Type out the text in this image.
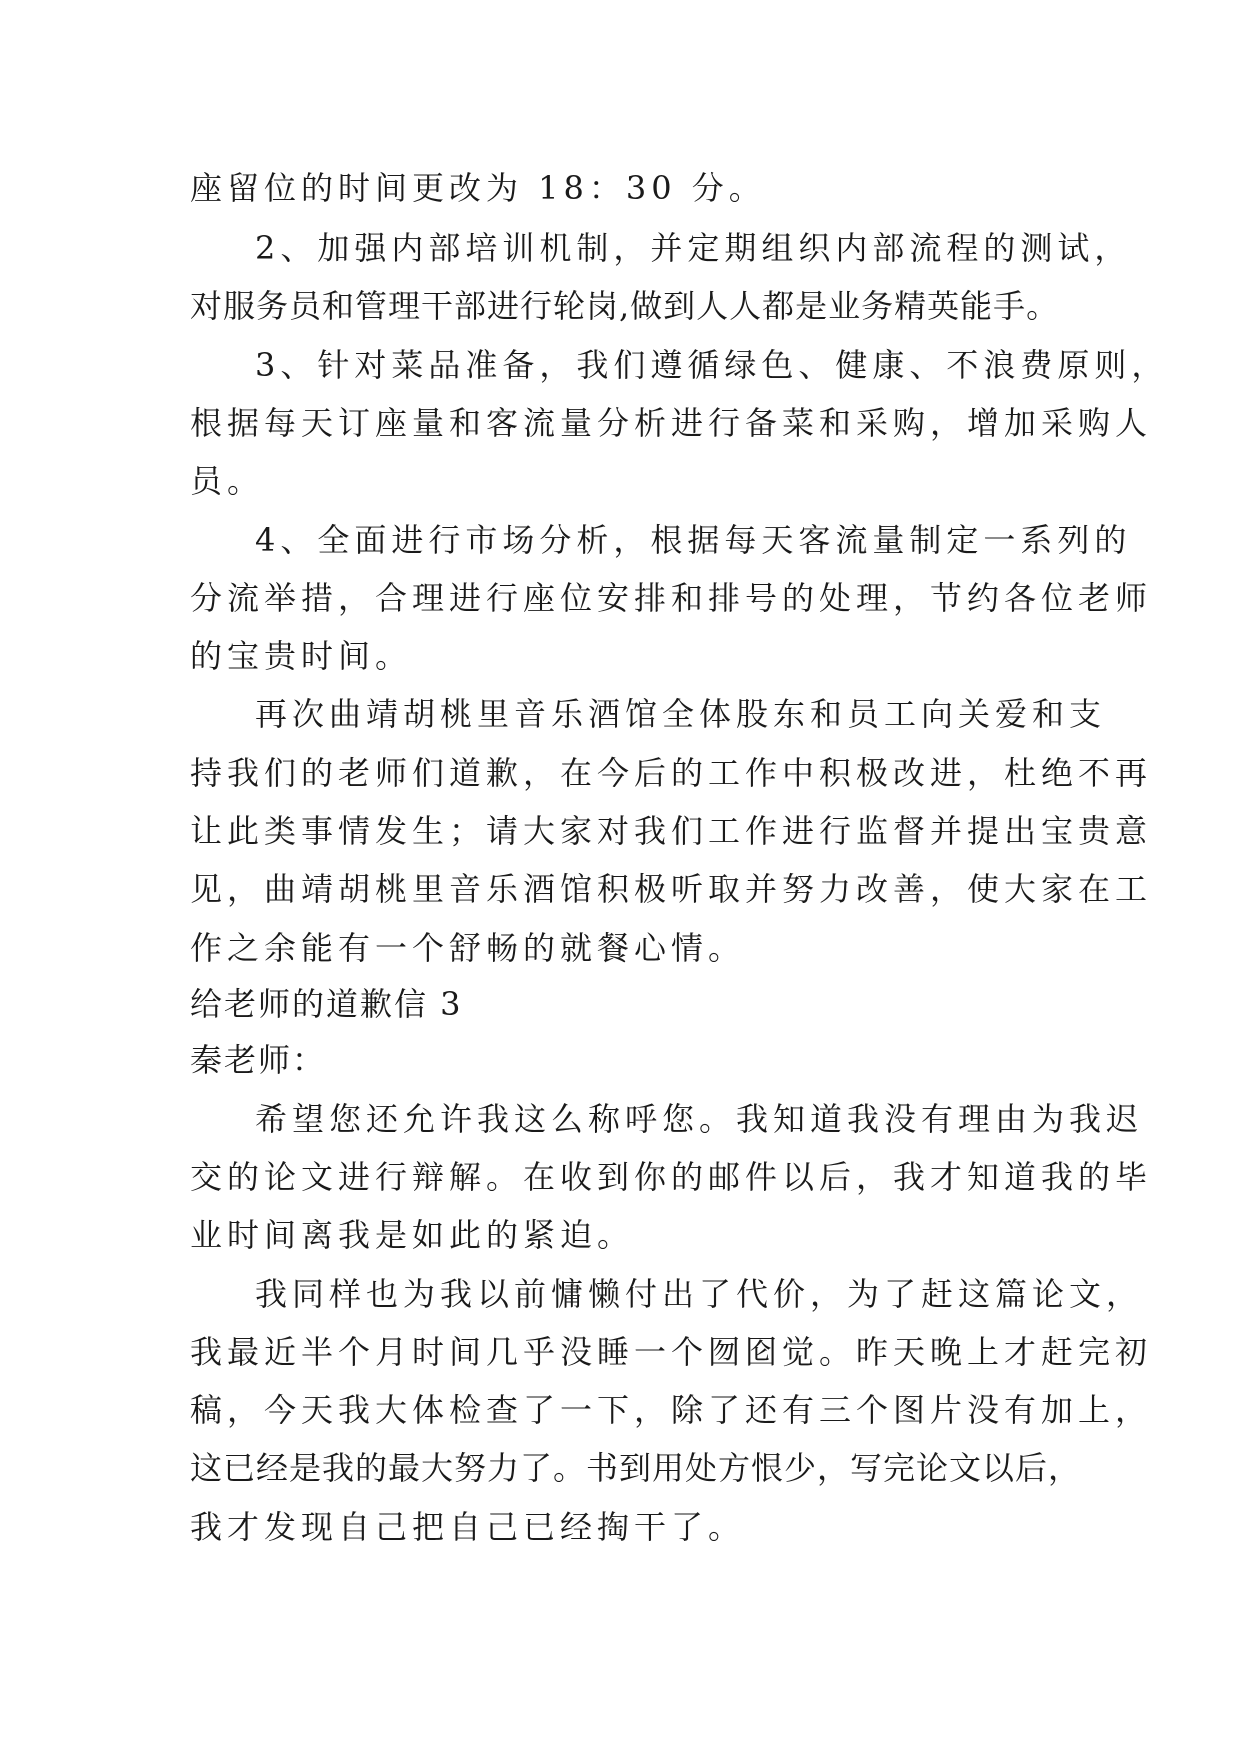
座留位的时间更改为 18：30 分。
2、加强内部培训机制，并定期组织内部流程的测试，
对服务员和管理干部进行轮岗,做到人人都是业务精英能手。
3、针对菜品准备，我们遵循绿色、健康、不浪费原则，
根据每天订座量和客流量分析进行备菜和采购，增加采购人
员。
4、全面进行市场分析，根据每天客流量制定一系列的
分流举措，合理进行座位安排和排号的处理，节约各位老师
的宝贵时间。
再次曲靖胡桃里音乐酒馆全体股东和员工向关爱和支
持我们的老师们道歉，在今后的工作中积极改进，杜绝不再
让此类事情发生；请大家对我们工作进行监督并提出宝贵意
见，曲靖胡桃里音乐酒馆积极听取并努力改善，使大家在工
作之余能有一个舒畅的就餐心情。
给老师的道歉信 3
秦老师：
希望您还允许我这么称呼您。我知道我没有理由为我迟
交的论文进行辩解。在收到你的邮件以后，我才知道我的毕
业时间离我是如此的紧迫。
我同样也为我以前慵懒付出了代价，为了赶这篇论文，
我最近半个月时间几乎没睡一个囫囵觉。昨天晚上才赶完初
稿，今天我大体检查了一下，除了还有三个图片没有加上，
这已经是我的最大努力了。书到用处方恨少，写完论文以后，
我才发现自己把自己已经掏干了。
